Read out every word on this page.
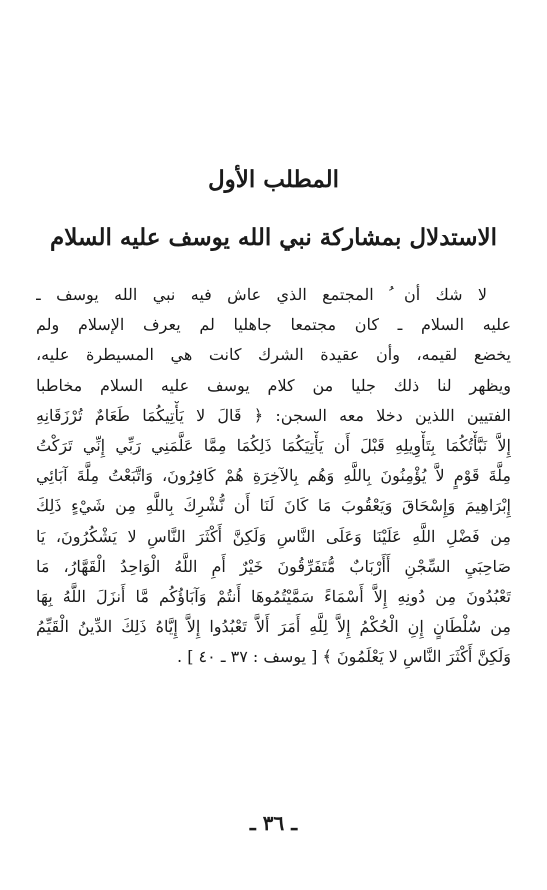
المطلب الأول
الاستدلال بمشاركة نبي الله يوسف عليه السلام
لا شك أن ُ المجتمع الذي عاش فيه نبي الله يوسف ـ
عليه السلام ـ كان مجتمعا جاهليا لم يعرف الإسلام ولم
يخضع لقيمه، وأن عقيدة الشرك كانت هي المسيطرة عليه،
ويظهر لنا ذلك جليا من كلام يوسف عليه السلام مخاطبا
الفتيين اللذين دخلا معه السجن: ﴿ قَالَ لا يَأْتِيكُمَا طَعَامٌ تُرْزَقَانِهِ
إِلاَّ نَبَّأْتُكُمَا بِتَأْوِيلِهِ قَبْلَ أَن يَأْتِيَكُمَا ذَلِكُمَا مِمَّا عَلَّمَنِي رَبِّي إِنِّي تَرَكْتُ
مِلَّةَ قَوْمٍ لاَّ يُؤْمِنُونَ بِاللَّهِ وَهُم بِالآخِرَةِ هُمْ كَافِرُونَ، وَاتَّبَعْتُ مِلَّةَ آبَائِي
إِبْرَاهِيمَ وَإِسْحَاقَ وَيَعْقُوبَ مَا كَانَ لَنَا أَن نُّشْرِكَ بِاللَّهِ مِن شَيْءٍ ذَلِكَ
مِن فَضْلِ اللَّهِ عَلَيْنَا وَعَلَى النَّاسِ وَلَكِنَّ أَكْثَرَ النَّاسِ لا يَشْكُرُونَ، يَا
صَاحِبَيِ السِّجْنِ أَأَرْبَابٌ مُّتَفَرِّقُونَ خَيْرٌ أَمِ اللَّهُ الْوَاحِدُ الْقَهَّارُ، مَا
تَعْبُدُونَ مِن دُونِهِ إِلاَّ أَسْمَاءً سَمَّيْتُمُوهَا أَنتُمْ وَآبَاؤُكُم مَّا أَنزَلَ اللَّهُ بِهَا
مِن سُلْطَانٍ إِنِ الْحُكْمُ إِلاَّ لِلَّهِ أَمَرَ أَلاَّ تَعْبُدُوا إِلاَّ إِيَّاهُ ذَلِكَ الدِّينُ الْقَيِّمُ
وَلَكِنَّ أَكْثَرَ النَّاسِ لا يَعْلَمُونَ ﴾ [ يوسف : ٣٧ ـ ٤٠ ] .
ـ ٣٦ ـ
